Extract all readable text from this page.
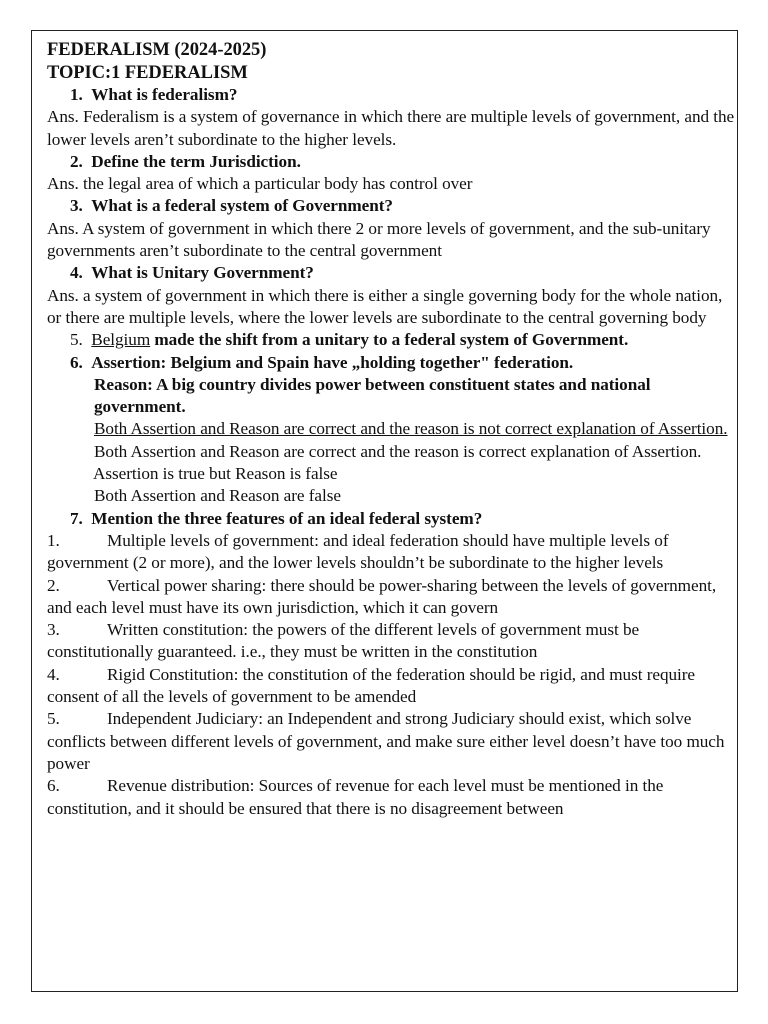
FEDERALISM (2024-2025)

TOPIC:1 FEDERALISM

1. What is federalism?

Ans. Federalism is a system of governance in which there are multiple levels of government, and the lower levels aren’t subordinate to the higher levels.

2. Define the term Jurisdiction.

Ans. the legal area of which a particular body has control over

3. What is a federal system of Government?

Ans. A system of government in which there 2 or more levels of government, and the sub-unitary governments aren’t subordinate to the central government

4. What is Unitary Government?

Ans. a system of government in which there is either a single governing body for the whole nation, or there are multiple levels, where the lower levels are subordinate to the central governing body

5. Belgium made the shift from a unitary to a federal system of Government.

6. Assertion: Belgium and Spain have „holding together" federation.

Reason: A big country divides power between constituent states and national government.

Both Assertion and Reason are correct and the reason is not correct explanation of Assertion.

Both Assertion and Reason are correct and the reason is correct explanation of Assertion.

Assertion is true but Reason is false

Both Assertion and Reason are false

7. Mention the three features of an ideal federal system?

1.	Multiple levels of government: and ideal federation should have multiple levels of government (2 or more), and the lower levels shouldn’t be subordinate to the higher levels

2.	Vertical power sharing: there should be power-sharing between the levels of government, and each level must have its own jurisdiction, which it can govern

3.	Written constitution: the powers of the different levels of government must be constitutionally guaranteed. i.e., they must be written in the constitution

4.	Rigid Constitution: the constitution of the federation should be rigid, and must require consent of all the levels of government to be amended

5.	Independent Judiciary: an Independent and strong Judiciary should exist, which solve conflicts between different levels of government, and make sure either level doesn’t have too much power

6.	Revenue distribution: Sources of revenue for each level must be mentioned in the constitution, and it should be ensured that there is no disagreement between
